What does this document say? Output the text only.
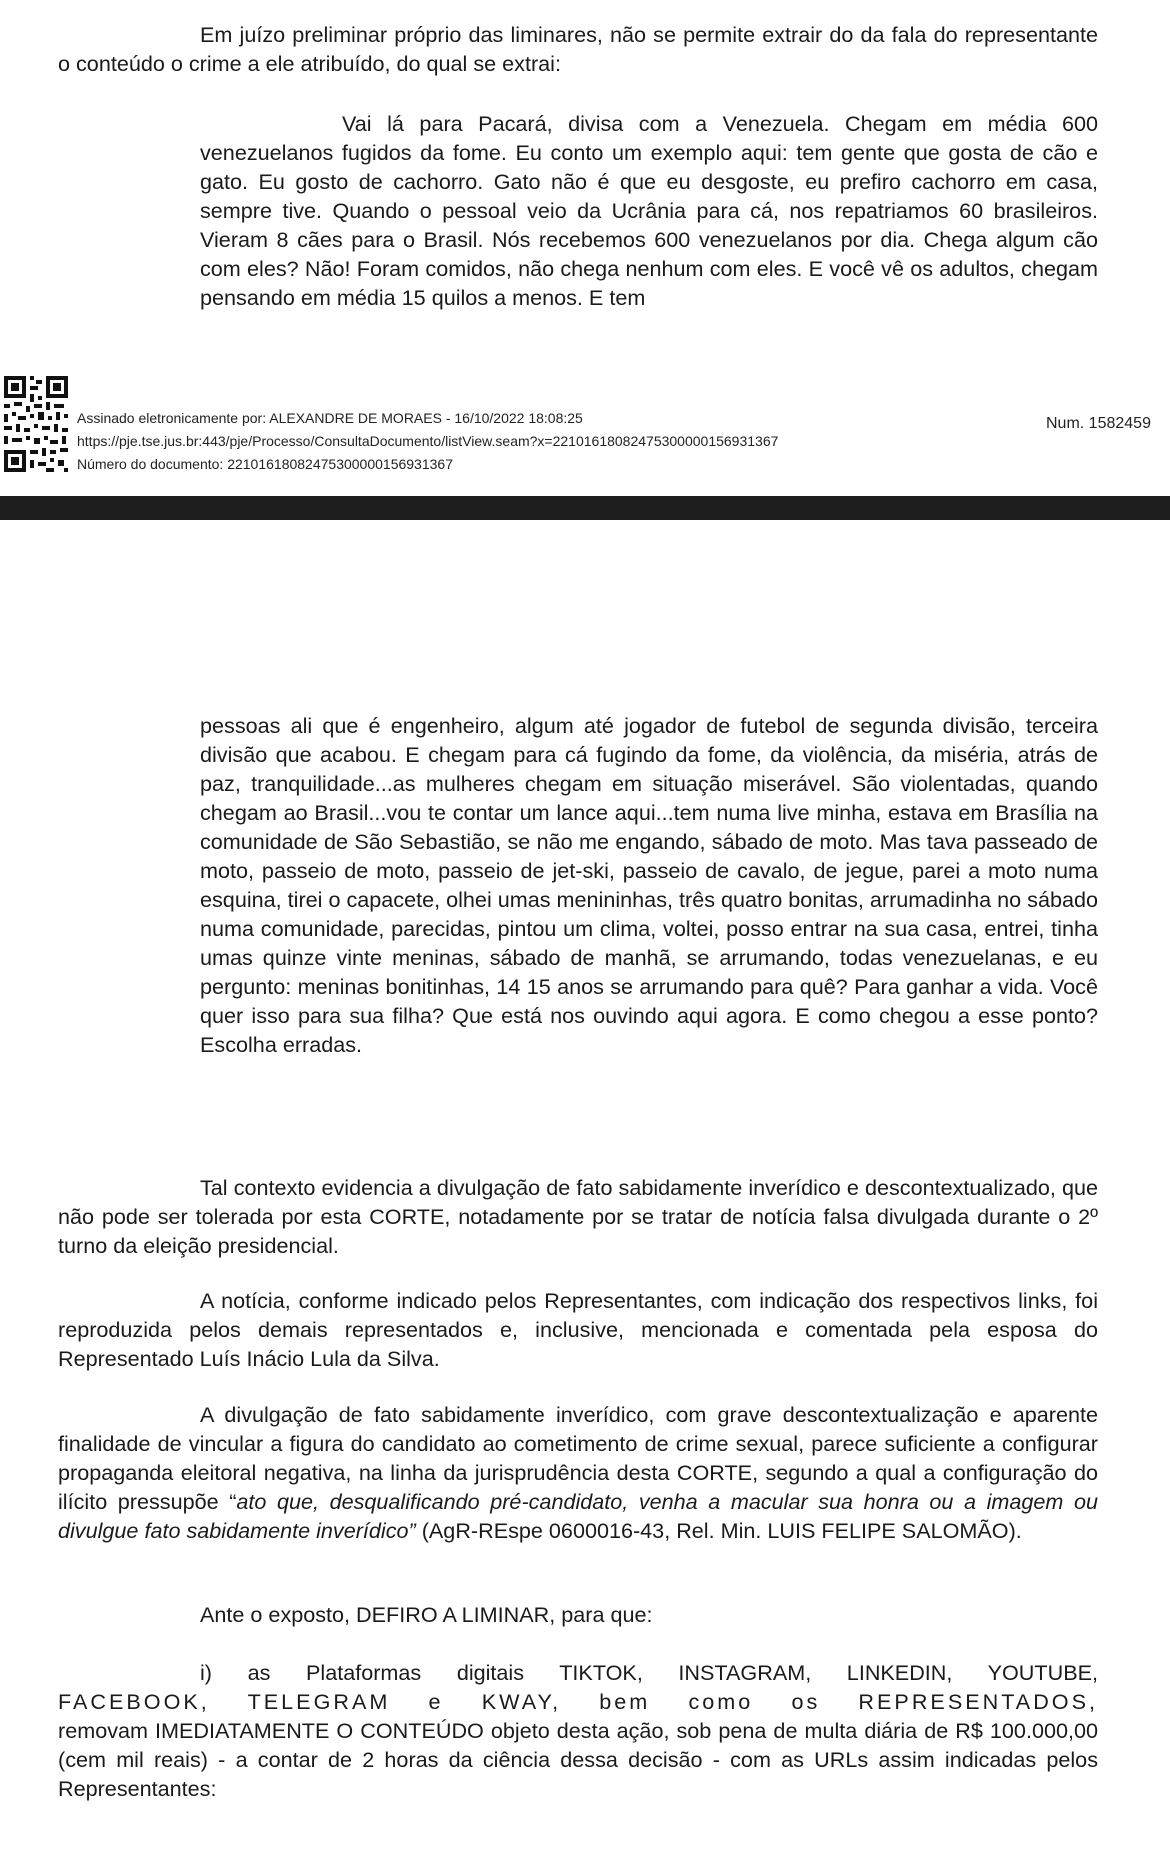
Em juízo preliminar próprio das liminares, não se permite extrair do da fala do representante o conteúdo o crime a ele atribuído, do qual se extrai:

Vai lá para Pacará, divisa com a Venezuela. Chegam em média 600 venezuelanos fugidos da fome. Eu conto um exemplo aqui: tem gente que gosta de cão e gato. Eu gosto de cachorro. Gato não é que eu desgoste, eu prefiro cachorro em casa, sempre tive. Quando o pessoal veio da Ucrânia para cá, nos repatriamos 60 brasileiros. Vieram 8 cães para o Brasil. Nós recebemos 600 venezuelanos por dia. Chega algum cão com eles? Não! Foram comidos, não chega nenhum com eles. E você vê os adultos, chegam pensando em média 15 quilos a menos. E tem

Assinado eletronicamente por: ALEXANDRE DE MORAES - 16/10/2022 18:08:25
https://pje.tse.jus.br:443/pje/Processo/ConsultaDocumento/listView.seam?x=22101618082475300000156931367
Número do documento: 22101618082475300000156931367
Num. 1582459

pessoas ali que é engenheiro, algum até jogador de futebol de segunda divisão, terceira divisão que acabou. E chegam para cá fugindo da fome, da violência, da miséria, atrás de paz, tranquilidade...as mulheres chegam em situação miserável. São violentadas, quando chegam ao Brasil...vou te contar um lance aqui...tem numa live minha, estava em Brasília na comunidade de São Sebastião, se não me engando, sábado de moto. Mas tava passeado de moto, passeio de moto, passeio de jet-ski, passeio de cavalo, de jegue, parei a moto numa esquina, tirei o capacete, olhei umas menininhas, três quatro bonitas, arrumadinha no sábado numa comunidade, parecidas, pintou um clima, voltei, posso entrar na sua casa, entrei, tinha umas quinze vinte meninas, sábado de manhã, se arrumando, todas venezuelanas, e eu pergunto: meninas bonitinhas, 14 15 anos se arrumando para quê? Para ganhar a vida. Você quer isso para sua filha? Que está nos ouvindo aqui agora. E como chegou a esse ponto? Escolha erradas.

Tal contexto evidencia a divulgação de fato sabidamente inverídico e descontextualizado, que não pode ser tolerada por esta CORTE, notadamente por se tratar de notícia falsa divulgada durante o 2º turno da eleição presidencial.

A notícia, conforme indicado pelos Representantes, com indicação dos respectivos links, foi reproduzida pelos demais representados e, inclusive, mencionada e comentada pela esposa do Representado Luís Inácio Lula da Silva.

A divulgação de fato sabidamente inverídico, com grave descontextualização e aparente finalidade de vincular a figura do candidato ao cometimento de crime sexual, parece suficiente a configurar propaganda eleitoral negativa, na linha da jurisprudência desta CORTE, segundo a qual a configuração do ilícito pressupõe “ato que, desqualificando pré-candidato, venha a macular sua honra ou a imagem ou divulgue fato sabidamente inverídico” (AgR-REspe 0600016-43, Rel. Min. LUIS FELIPE SALOMÃO).

Ante o exposto, DEFIRO A LIMINAR, para que:

i) as Plataformas digitais TIKTOK, INSTAGRAM, LINKEDIN, YOUTUBE,
FACEBOOK, TELEGRAM e KWAY, bem como os REPRESENTADOS,
removam IMEDIATAMENTE O CONTEÚDO objeto desta ação, sob pena de multa diária de R$ 100.000,00 (cem mil reais) - a contar de 2 horas da ciência dessa decisão - com as URLs assim indicadas pelos Representantes:
